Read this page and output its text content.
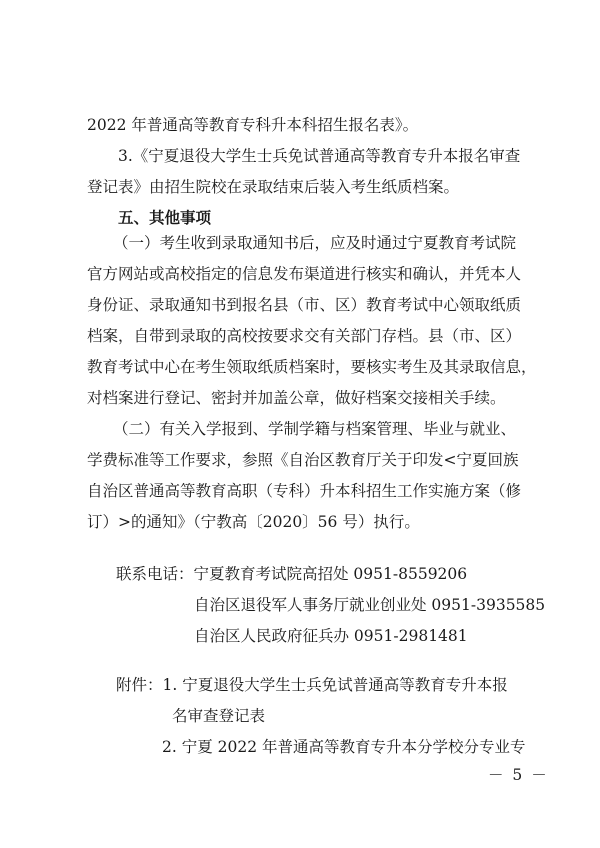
2022 年普通高等教育专科升本科招生报名表》。
3.《宁夏退役大学生士兵免试普通高等教育专升本报名审查
登记表》由招生院校在录取结束后装入考生纸质档案。
五、其他事项
（一）考生收到录取通知书后，应及时通过宁夏教育考试院
官方网站或高校指定的信息发布渠道进行核实和确认，并凭本人
身份证、录取通知书到报名县（市、区）教育考试中心领取纸质
档案，自带到录取的高校按要求交有关部门存档。县（市、区）
教育考试中心在考生领取纸质档案时，要核实考生及其录取信息，
对档案进行登记、密封并加盖公章，做好档案交接相关手续。
（二）有关入学报到、学制学籍与档案管理、毕业与就业、
学费标准等工作要求，参照《自治区教育厅关于印发<宁夏回族
自治区普通高等教育高职（专科）升本科招生工作实施方案（修
订）>的通知》（宁教高〔2020〕56 号）执行。
联系电话：宁夏教育考试院高招处 0951-8559206
自治区退役军人事务厅就业创业处 0951-3935585
自治区人民政府征兵办 0951-2981481
附件：1. 宁夏退役大学生士兵免试普通高等教育专升本报
名审查登记表
2. 宁夏 2022 年普通高等教育专升本分学校分专业专
－ 5 －
